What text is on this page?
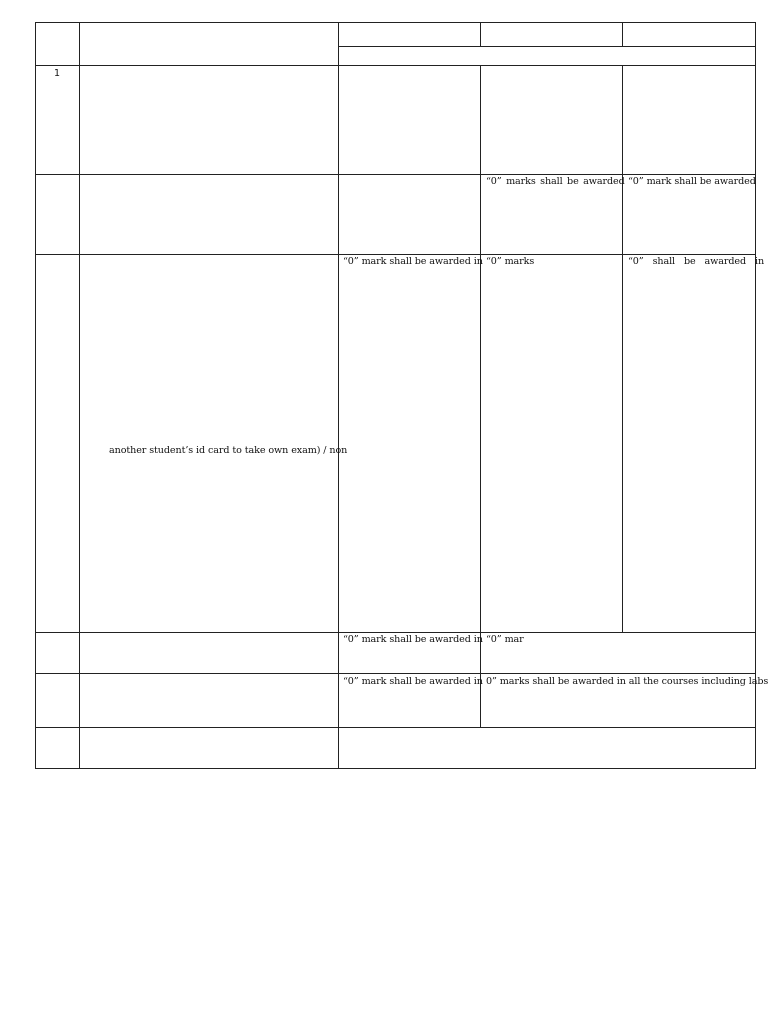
1
“0” marks shall be awarded “0” mark shall be awarded
“0” mark shall be awarded in “0” marks	“0” shall be awarded in
another student’s id card to take own exam) / non
“0” mark shall be awarded in “0” mar
“0” mark shall be awarded in 0” marks shall be awarded in all the courses including labs
